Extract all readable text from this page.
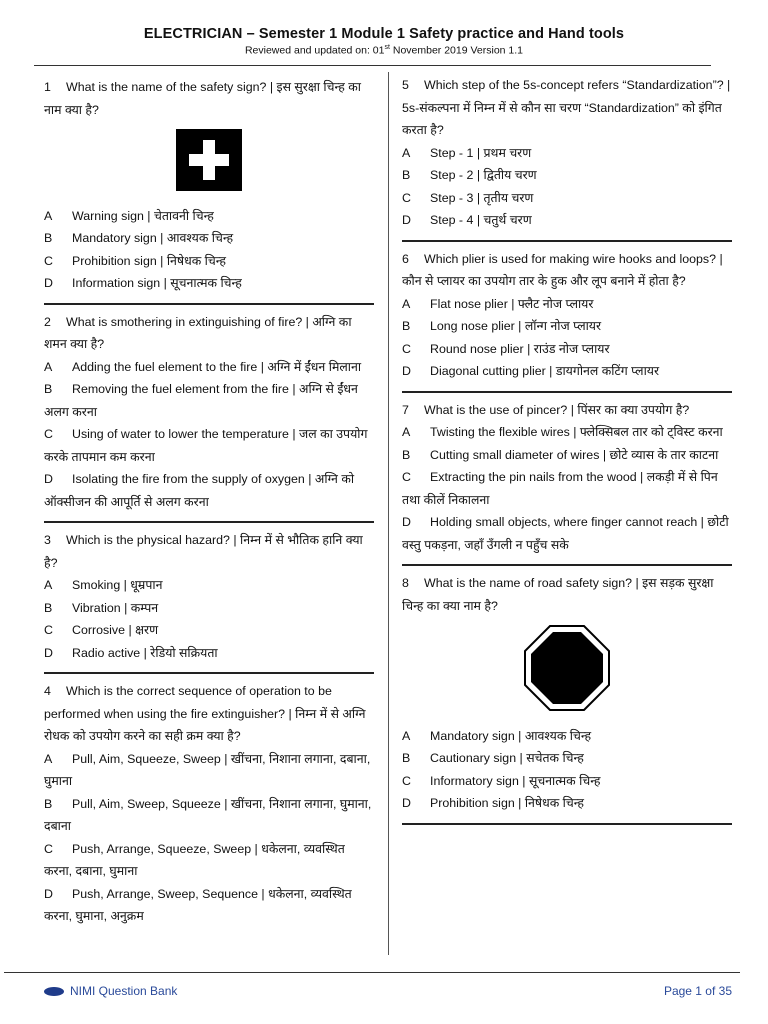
ELECTRICIAN – Semester 1 Module 1 Safety practice and Hand tools
Reviewed and updated on: 01st November 2019 Version 1.1
1 What is the name of the safety sign? | इस सुरक्षा चिन्ह का नाम क्या है?
A Warning sign | चेतावनी चिन्ह
B Mandatory sign | आवश्यक चिन्ह
C Prohibition sign | निषेधक चिन्ह
D Information sign | सूचनात्मक चिन्ह
2 What is smothering in extinguishing of fire? | अग्नि का शमन क्या है?
A Adding the fuel element to the fire | अग्नि में ईंधन मिलाना
B Removing the fuel element from the fire | अग्नि से ईंधन अलग करना
C Using of water to lower the temperature | जल का उपयोग करके तापमान कम करना
D Isolating the fire from the supply of oxygen | अग्नि को ऑक्सीजन की आपूर्ति से अलग करना
3 Which is the physical hazard? | निम्न में से भौतिक हानि क्या है?
A Smoking | धूम्रपान
B Vibration | कम्पन
C Corrosive | क्षरण
D Radio active | रेडियो सक्रियता
4 Which is the correct sequence of operation to be performed when using the fire extinguisher? | निम्न में से अग्नि रोधक को उपयोग करने का सही क्रम क्या है?
A Pull, Aim, Squeeze, Sweep | खींचना, निशाना लगाना, दबाना, घुमाना
B Pull, Aim, Sweep, Squeeze | खींचना, निशाना लगाना, घुमाना, दबाना
C Push, Arrange, Squeeze, Sweep | धकेलना, व्यवस्थित करना, दबाना, घुमाना
D Push, Arrange, Sweep, Sequence | धकेलना, व्यवस्थित करना, घुमाना, अनुक्रम
5 Which step of the 5s-concept refers “Standardization”? | 5s-संकल्पना में निम्न में से कौन सा चरण “Standardization” को इंगित करता है?
A Step - 1 | प्रथम चरण
B Step - 2 | द्वितीय चरण
C Step - 3 | तृतीय चरण
D Step - 4 | चतुर्थ चरण
6 Which plier is used for making wire hooks and loops? | कौन से प्लायर का उपयोग तार के हुक और लूप बनाने में होता है?
A Flat nose plier | फ्लैट नोज प्लायर
B Long nose plier | लॉन्ग नोज प्लायर
C Round nose plier | राउंड नोज प्लायर
D Diagonal cutting plier | डायगोनल कटिंग प्लायर
7 What is the use of pincer? | पिंसर का क्या उपयोग है?
A Twisting the flexible wires | फ्लेक्सिबल तार को ट्विस्ट करना
B Cutting small diameter of wires | छोटे व्यास के तार काटना
C Extracting the pin nails from the wood | लकड़ी में से पिन तथा कीलें निकालना
D Holding small objects, where finger cannot reach | छोटी वस्तु पकड़ना, जहाँ उँगली न पहुँच सके
8 What is the name of road safety sign? | इस सड़क सुरक्षा चिन्ह का क्या नाम है?
A Mandatory sign | आवश्यक चिन्ह
B Cautionary sign | सचेतक चिन्ह
C Informatory sign | सूचनात्मक चिन्ह
D Prohibition sign | निषेधक चिन्ह
NIMI Question Bank	Page 1 of 35
